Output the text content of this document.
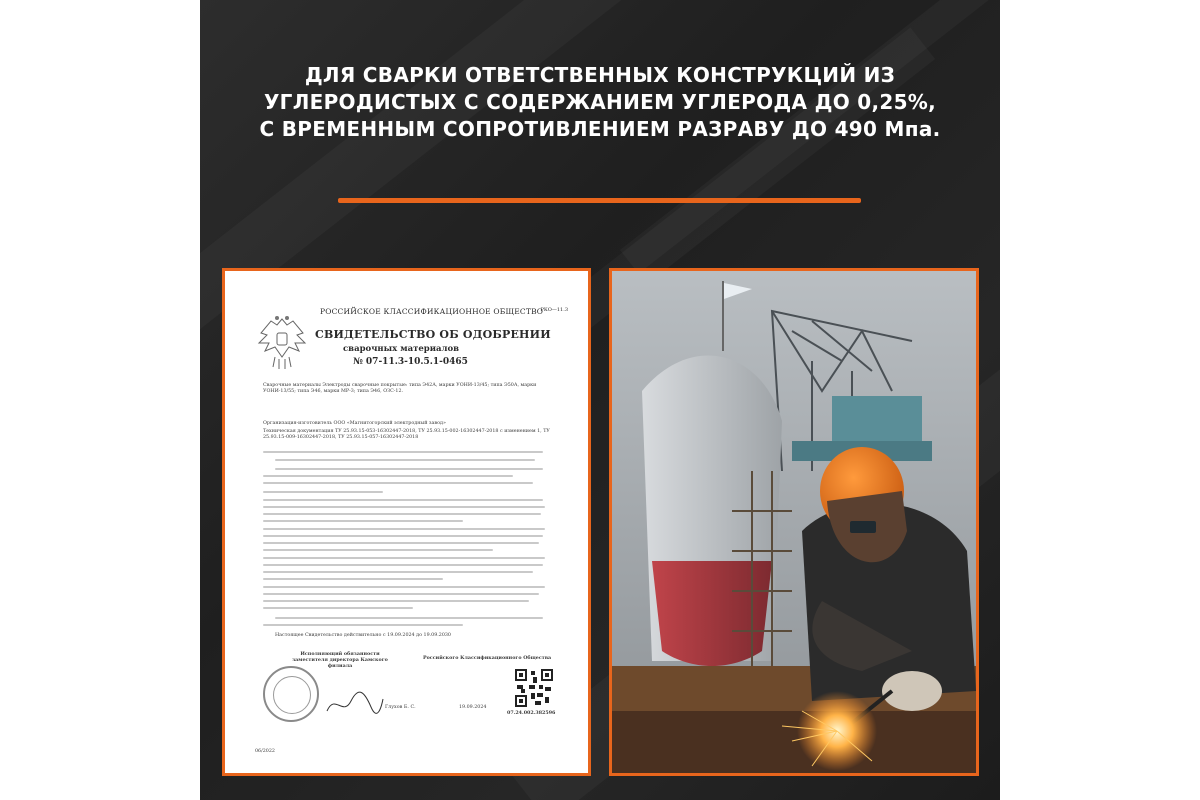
ДЛЯ СВАРКИ ОТВЕТСТВЕННЫХ КОНСТРУКЦИЙ ИЗ
УГЛЕРОДИСТЫХ С СОДЕРЖАНИЕМ УГЛЕРОДА ДО 0,25%,
С ВРЕМЕННЫМ СОПРОТИВЛЕНИЕМ РАЗРАВУ ДО 490 Мпа.
РОССИЙСКОЕ КЛАССИФИКАЦИОННОЕ ОБЩЕСТВО
РКО—11.3
СВИДЕТЕЛЬСТВО ОБ ОДОБРЕНИИ
сварочных материалов
№ 07-11.3-10.5.1-0465
Сварочные материалы Электроды сварочные покрытые: типа Э42А, марки УОНИ-13/45; типа Э50А, марки УОНИ-13/55; типа Э46, марки МР-3; типа Э46, ОЗС-12.
Организация-изготовитель ООО «Магнитогорский электродный завод»
Техническая документация ТУ 25.93.15-053-16302447-2018, ТУ 25.93.15-002-16302447-2018 с изменением 1, ТУ 25.93.15-009-16302447-2018, ТУ 25.93.15-057-16302447-2018
Настоящее Свидетельство действительно с 19.09.2024 до 19.09.2030
Исполняющий обязанности заместителя директора Камского филиала
Российского Классификационного Общества
Глухов Б. С.	19.09.2024
07.24.002.382596
06/2022
